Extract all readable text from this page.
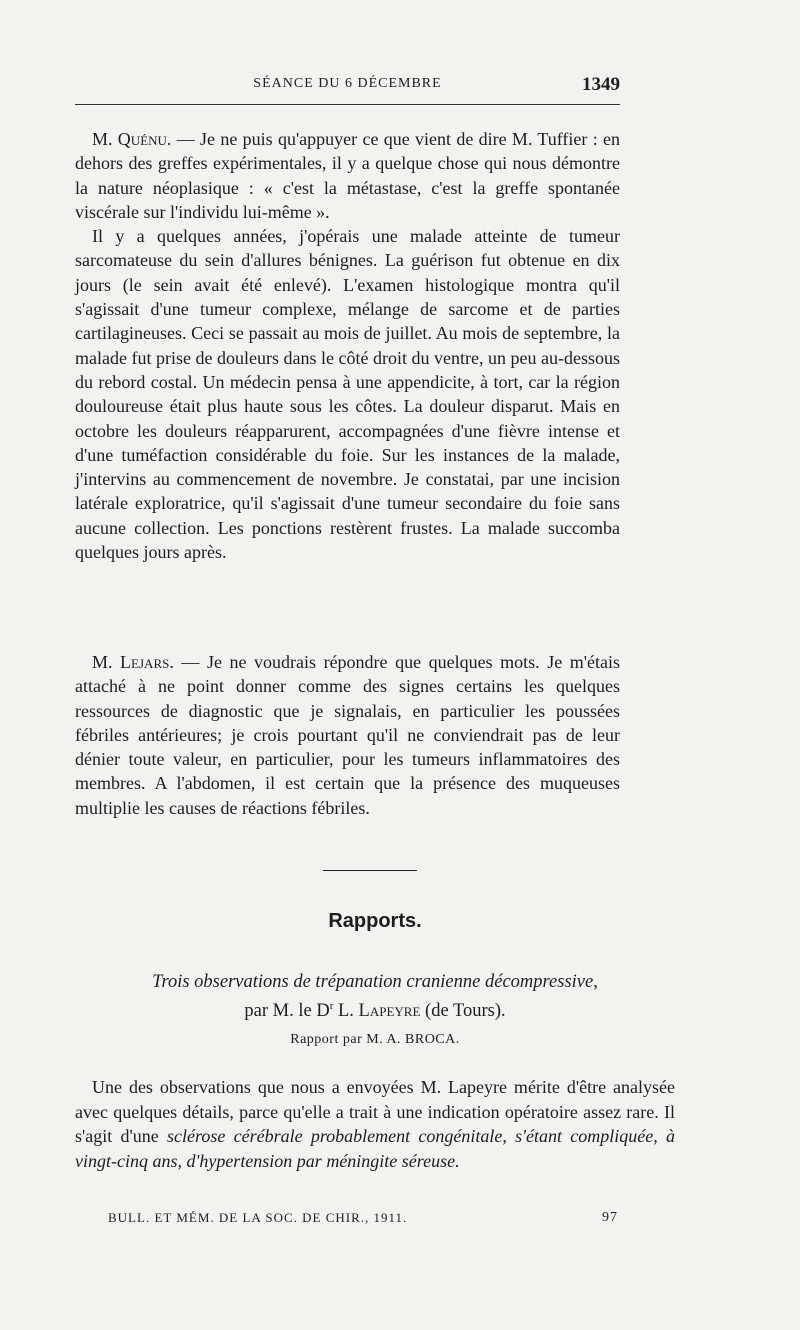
SÉANCE DU 6 DÉCEMBRE	1349

M. Quénu. — Je ne puis qu'appuyer ce que vient de dire M. Tuffier : en dehors des greffes expérimentales, il y a quelque chose qui nous démontre la nature néoplasique : « c'est la métastase, c'est la greffe spontanée viscérale sur l'individu lui-même ».

Il y a quelques années, j'opérais une malade atteinte de tumeur sarcomateuse du sein d'allures bénignes. La guérison fut obtenue en dix jours (le sein avait été enlevé). L'examen histologique montra qu'il s'agissait d'une tumeur complexe, mélange de sarcome et de parties cartilagineuses. Ceci se passait au mois de juillet. Au mois de septembre, la malade fut prise de douleurs dans le côté droit du ventre, un peu au-dessous du rebord costal. Un médecin pensa à une appendicite, à tort, car la région douloureuse était plus haute sous les côtes. La douleur disparut. Mais en octobre les douleurs réapparurent, accompagnées d'une fièvre intense et d'une tuméfaction considérable du foie. Sur les instances de la malade, j'intervins au commencement de novembre. Je constatai, par une incision latérale exploratrice, qu'il s'agissait d'une tumeur secondaire du foie sans aucune collection. Les ponctions restèrent frustes. La malade succomba quelques jours après.

M. Lejars. — Je ne voudrais répondre que quelques mots. Je m'étais attaché à ne point donner comme des signes certains les quelques ressources de diagnostic que je signalais, en particulier les poussées fébriles antérieures; je crois pourtant qu'il ne conviendrait pas de leur dénier toute valeur, en particulier, pour les tumeurs inflammatoires des membres. A l'abdomen, il est certain que la présence des muqueuses multiplie les causes de réactions fébriles.

Rapports.
Trois observations de trépanation cranienne décompressive,
par M. le $D^r$ L. Lapeyre (de Tours).
Rapport par M. A. BROCA.

Une des observations que nous a envoyées M. Lapeyre mérite d'être analysée avec quelques détails, parce qu'elle a trait à une indication opératoire assez rare. Il s'agit d'une sclérose cérébrale probablement congénitale, s'étant compliquée, à vingt-cinq ans, d'hypertension par méningite séreuse.

BULL. ET MÉM. DE LA SOC. DE CHIR., 1911.	97
